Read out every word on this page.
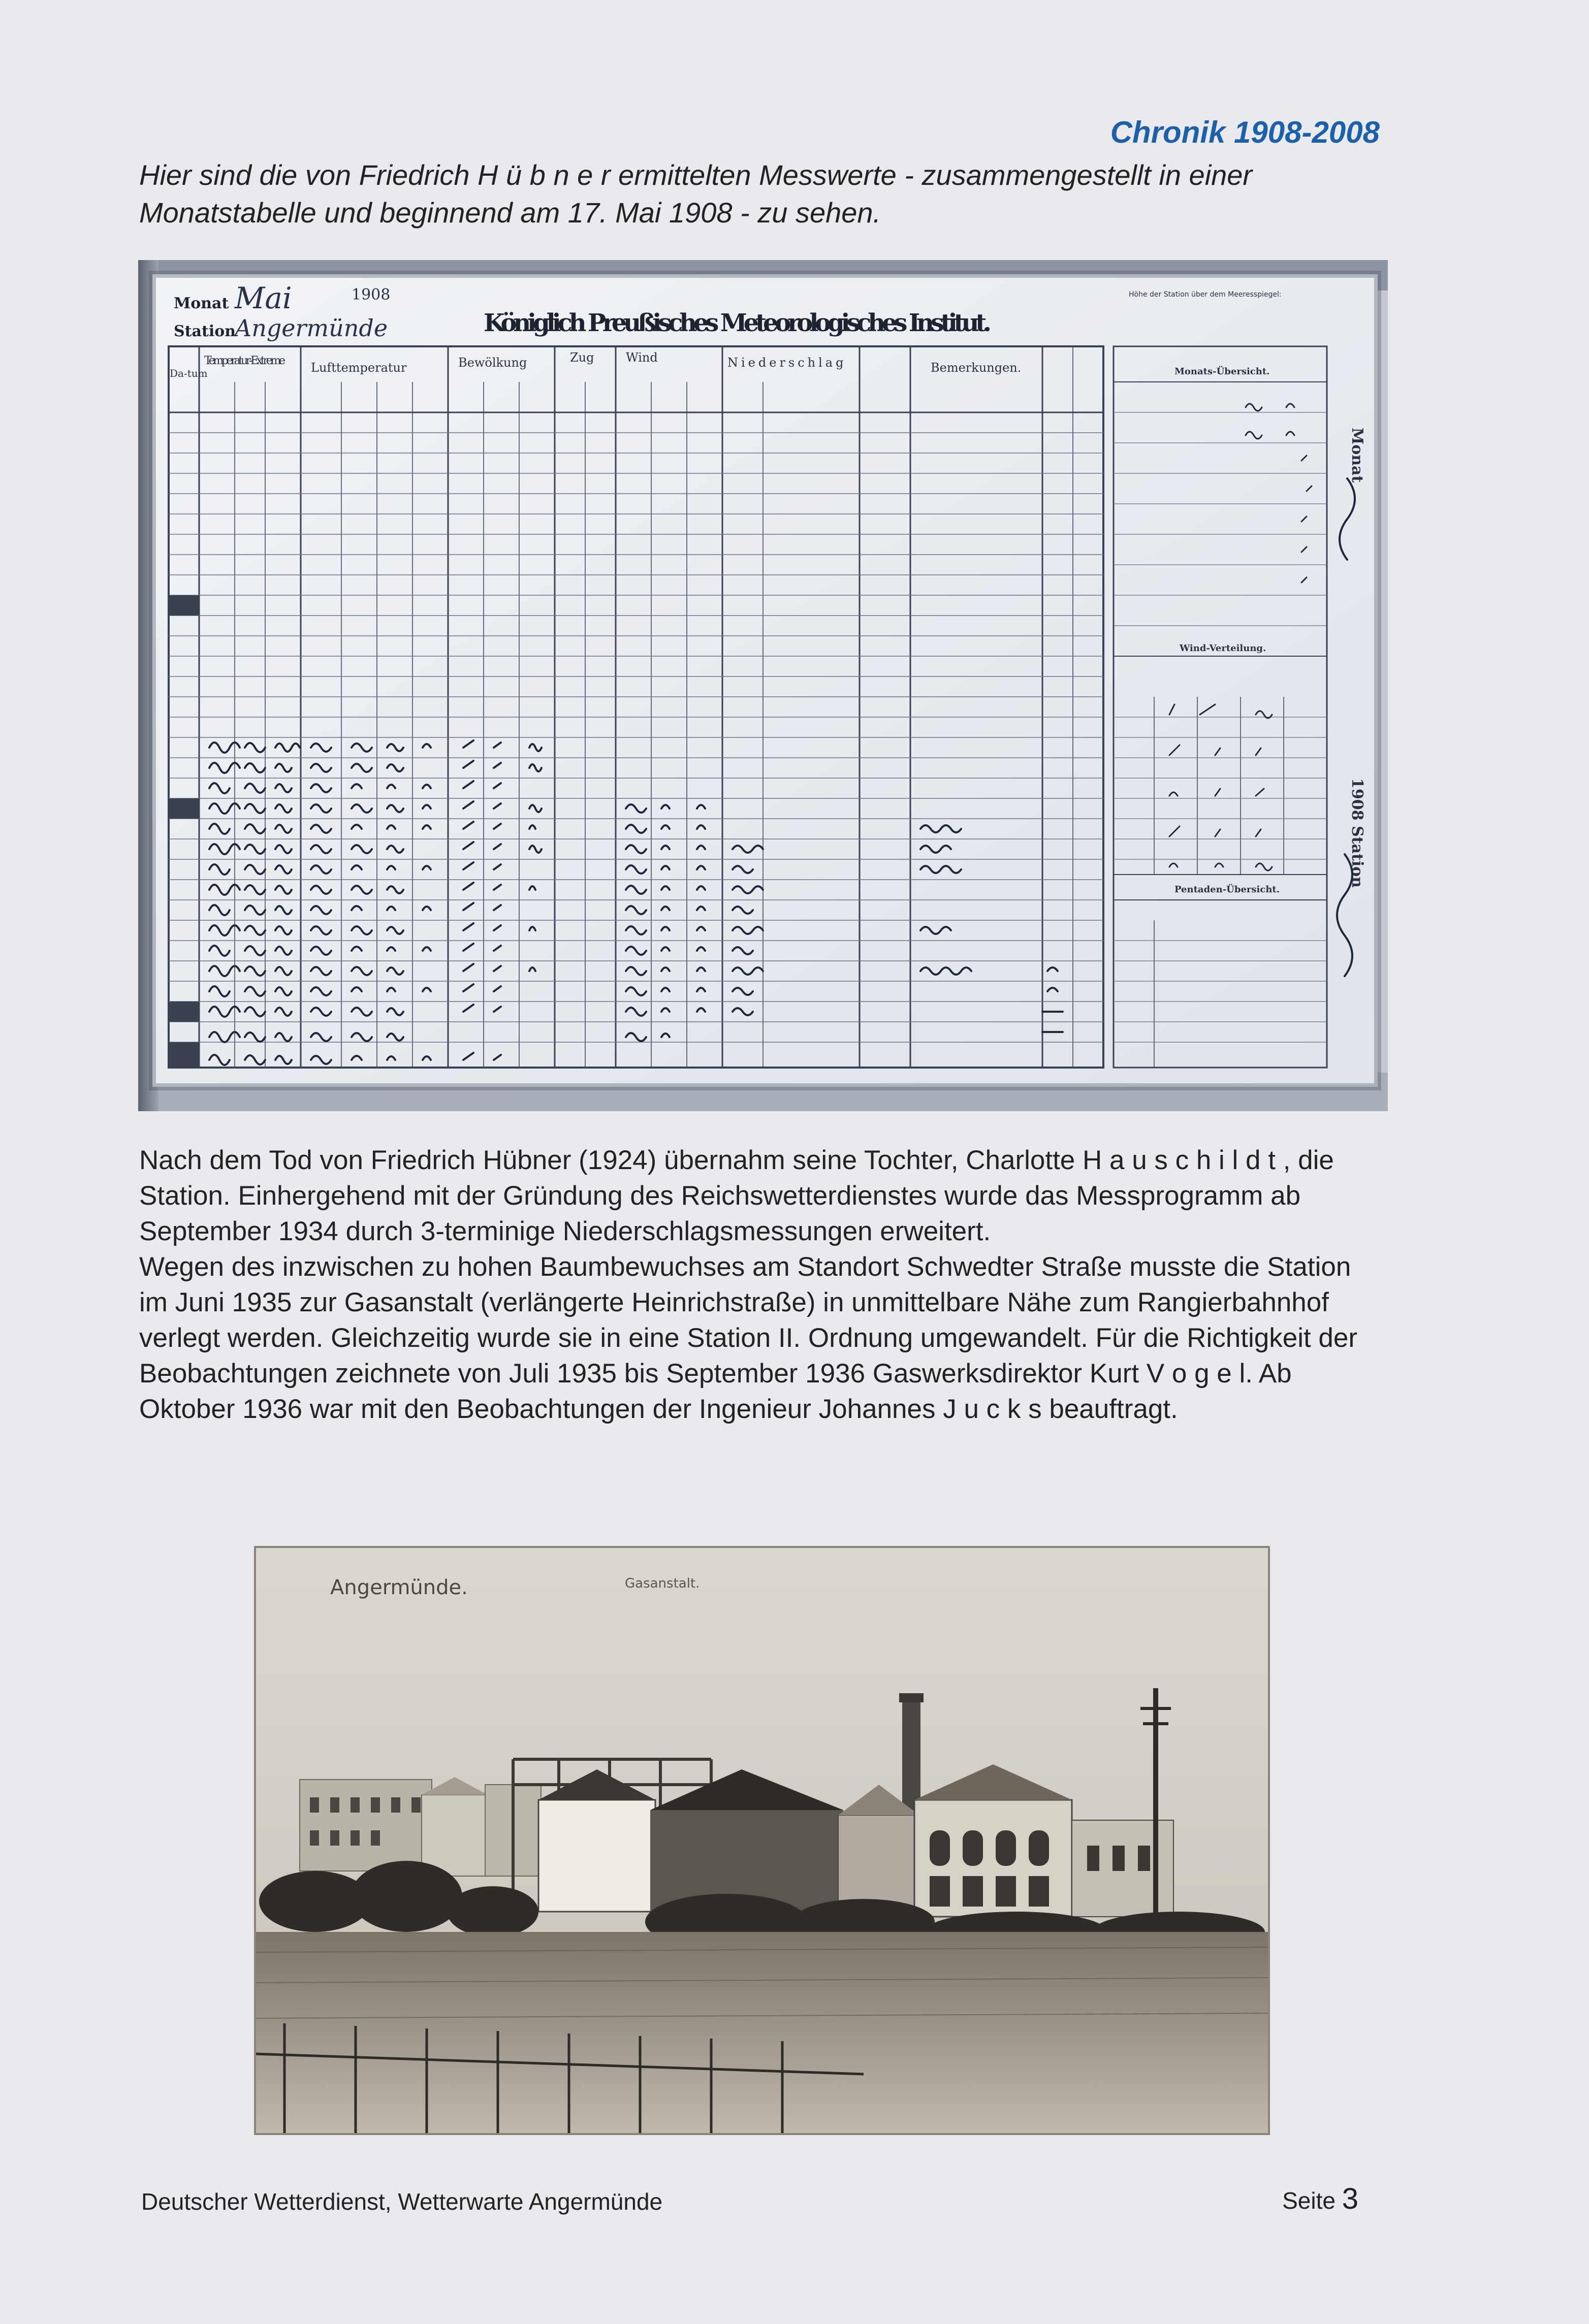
Chronik 1908-2008
Hier sind die von Friedrich H ü b n e r ermittelten Messwerte - zusammengestellt in einer
Monatstabelle und beginnend am 17. Mai 1908 - zu sehen.
Monat Mai	1908
Station
Angermünde	Königlich Preußisches Meteorologisches Institut.
Höhe der Station über dem Meeresspiegel:
Da-tum
Temperatur-Extreme Lufttemperatur	Bewölkung	Zug	Wind	Niederschlag	Bemerkungen.	Monats-Übersicht.
Wind-Verteilung.
Pentaden-Übersicht.
Monat
1908 Station

Nach dem Tod von Friedrich Hübner (1924) übernahm seine Tochter, Charlotte H a u s c h i l d t , die Station. Einhergehend mit der Gründung des Reichswetterdienstes wurde das Messprogramm ab September 1934 durch 3-terminige Niederschlagsmessungen erweitert.

Wegen des inzwischen zu hohen Baumbewuchses am Standort Schwedter Straße musste die Station im Juni 1935 zur Gasanstalt (verlängerte Heinrichstraße) in unmittelbare Nähe zum Rangierbahnhof verlegt werden. Gleichzeitig wurde sie in eine Station II. Ordnung umgewandelt. Für die Richtigkeit der Beobachtungen zeichnete von Juli 1935 bis September 1936 Gaswerksdirektor Kurt V o g e l. Ab Oktober 1936 war mit den Beobachtungen der Ingenieur Johannes J u c k s beauftragt.

Angermünde.	Gasanstalt.
Deutscher Wetterdienst, Wetterwarte Angermünde	Seite 3
